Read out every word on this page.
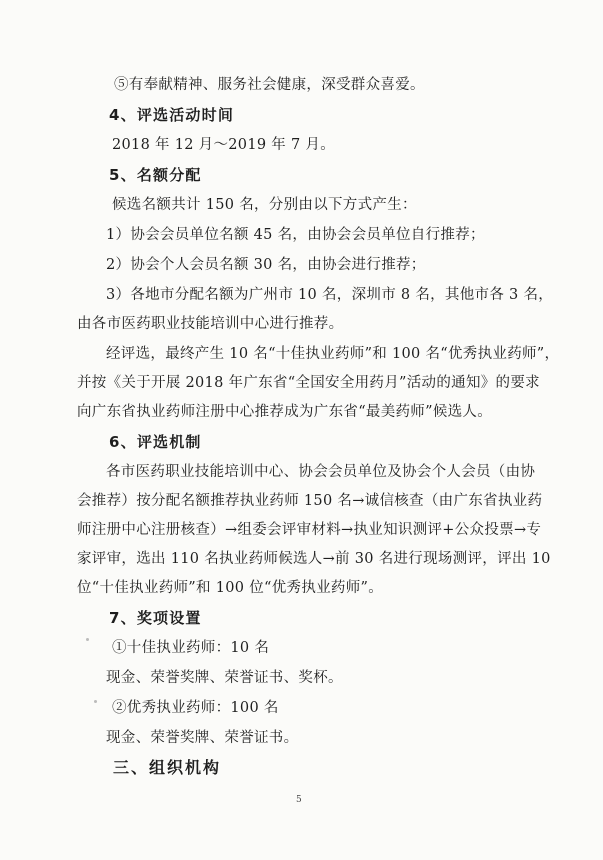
⑤有奉献精神、服务社会健康，深受群众喜爱。
4、评选活动时间
2018 年 12 月～2019 年 7 月。
5、名额分配
候选名额共计 150 名，分别由以下方式产生：
1）协会会员单位名额 45 名，由协会会员单位自行推荐；
2）协会个人会员名额 30 名，由协会进行推荐；
3）各地市分配名额为广州市 10 名，深圳市 8 名，其他市各 3 名，
由各市医药职业技能培训中心进行推荐。
经评选，最终产生 10 名“十佳执业药师”和 100 名“优秀执业药师”，
并按《关于开展 2018 年广东省“全国安全用药月”活动的通知》的要求
向广东省执业药师注册中心推荐成为广东省“最美药师”候选人。
6、评选机制
各市医药职业技能培训中心、协会会员单位及协会个人会员（由协
会推荐）按分配名额推荐执业药师 150 名→诚信核查（由广东省执业药
师注册中心注册核查）→组委会评审材料→执业知识测评+公众投票→专
家评审，选出 110 名执业药师候选人→前 30 名进行现场测评，评出 10
位“十佳执业药师”和 100 位“优秀执业药师”。
7、奖项设置
①十佳执业药师：10 名
现金、荣誉奖牌、荣誉证书、奖杯。
②优秀执业药师：100 名
现金、荣誉奖牌、荣誉证书。
三、组织机构
5
